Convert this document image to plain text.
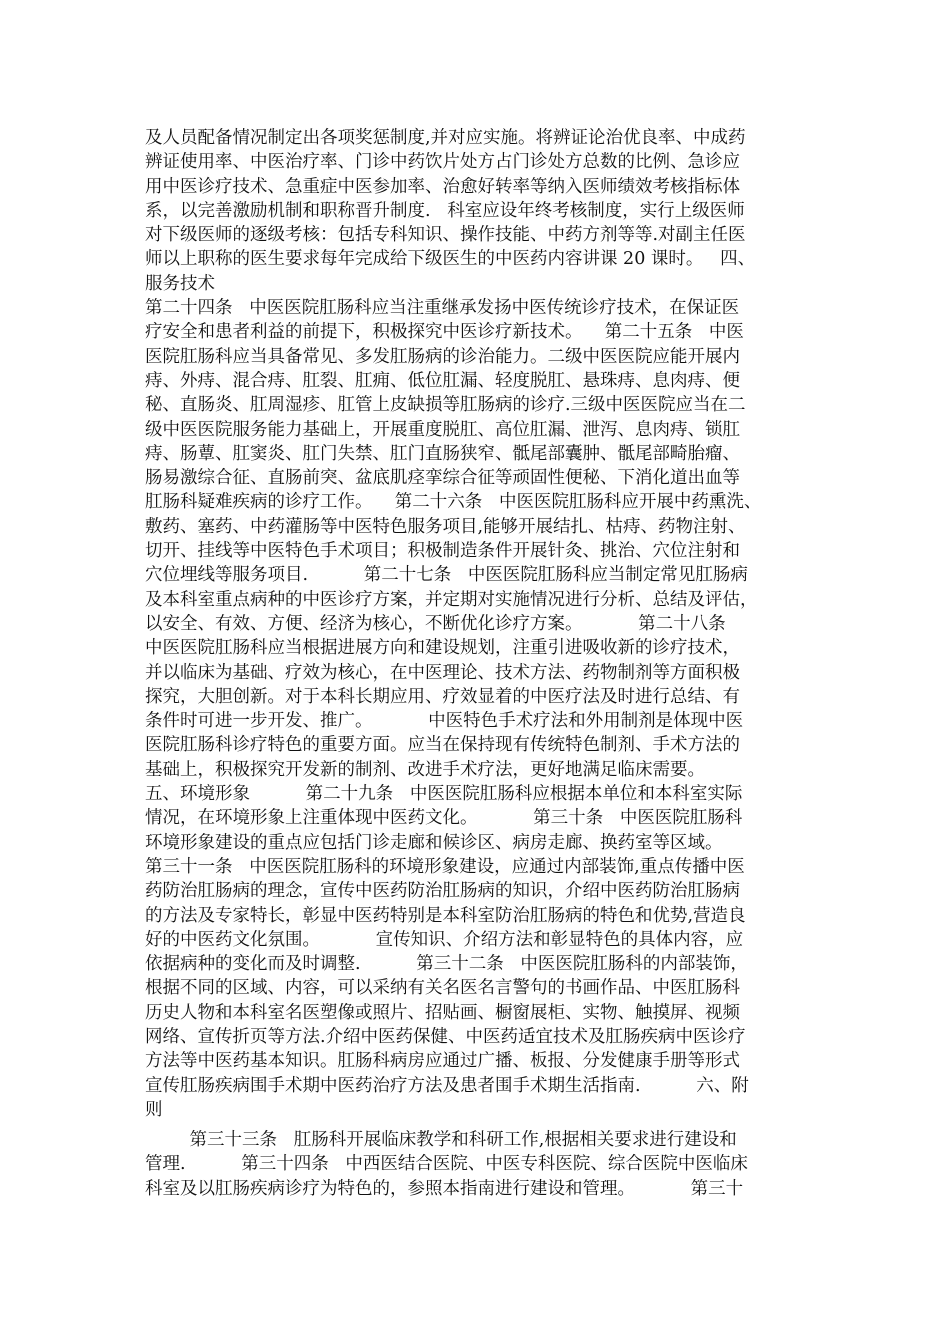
及人员配备情况制定出各项奖惩制度,并对应实施。将辨证论治优良率、中成药
辨证使用率、中医治疗率、门诊中药饮片处方占门诊处方总数的比例、急诊应
用中医诊疗技术、急重症中医参加率、治愈好转率等纳入医师绩效考核指标体
系，以完善激励机制和职称晋升制度.   科室应设年终考核制度，实行上级医师
对下级医师的逐级考核：包括专科知识、操作技能、中药方剂等等.对副主任医
师以上职称的医生要求每年完成给下级医生的中医药内容讲课 20 课时。   四、
服务技术
第二十四条   中医医院肛肠科应当注重继承发扬中医传统诊疗技术，在保证医
疗安全和患者利益的前提下，积极探究中医诊疗新技术。    第二十五条   中医
医院肛肠科应当具备常见、多发肛肠病的诊治能力。二级中医医院应能开展内
痔、外痔、混合痔、肛裂、肛痈、低位肛漏、轻度脱肛、悬珠痔、息肉痔、便
秘、直肠炎、肛周湿疹、肛管上皮缺损等肛肠病的诊疗.三级中医医院应当在二
级中医医院服务能力基础上，开展重度脱肛、高位肛漏、泄泻、息肉痔、锁肛
痔、肠蕈、肛窦炎、肛门失禁、肛门直肠狭窄、骶尾部囊肿、骶尾部畸胎瘤、
肠易激综合征、直肠前突、盆底肌痉挛综合征等顽固性便秘、下消化道出血等
肛肠科疑难疾病的诊疗工作。    第二十六条   中医医院肛肠科应开展中药熏洗、
敷药、塞药、中药灌肠等中医特色服务项目,能够开展结扎、枯痔、药物注射、
切开、挂线等中医特色手术项目；积极制造条件开展针灸、挑治、穴位注射和
穴位埋线等服务项目.          第二十七条   中医医院肛肠科应当制定常见肛肠病
及本科室重点病种的中医诊疗方案，并定期对实施情况进行分析、总结及评估，
以安全、有效、方便、经济为核心，不断优化诊疗方案。          第二十八条
中医医院肛肠科应当根据进展方向和建设规划，注重引进吸收新的诊疗技术，
并以临床为基础、疗效为核心，在中医理论、技术方法、药物制剂等方面积极
探究，大胆创新。对于本科长期应用、疗效显着的中医疗法及时进行总结、有
条件时可进一步开发、推广。          中医特色手术疗法和外用制剂是体现中医
医院肛肠科诊疗特色的重要方面。应当在保持现有传统特色制剂、手术方法的
基础上，积极探究开发新的制剂、改进手术疗法，更好地满足临床需要。
五、环境形象          第二十九条   中医医院肛肠科应根据本单位和本科室实际
情况，在环境形象上注重体现中医药文化。          第三十条   中医医院肛肠科
环境形象建设的重点应包括门诊走廊和候诊区、病房走廊、换药室等区域。
第三十一条   中医医院肛肠科的环境形象建设，应通过内部装饰,重点传播中医
药防治肛肠病的理念，宣传中医药防治肛肠病的知识，介绍中医药防治肛肠病
的方法及专家特长，彰显中医药特别是本科室防治肛肠病的特色和优势,营造良
好的中医药文化氛围。          宣传知识、介绍方法和彰显特色的具体内容，应
依据病种的变化而及时调整.          第三十二条   中医医院肛肠科的内部装饰，
根据不同的区域、内容，可以采纳有关名医名言警句的书画作品、中医肛肠科
历史人物和本科室名医塑像或照片、招贴画、橱窗展柜、实物、触摸屏、视频
网络、宣传折页等方法.介绍中医药保健、中医药适宜技术及肛肠疾病中医诊疗
方法等中医药基本知识。肛肠科病房应通过广播、板报、分发健康手册等形式
宣传肛肠疾病围手术期中医药治疗方法及患者围手术期生活指南.          六、附
则
第三十三条   肛肠科开展临床教学和科研工作,根据相关要求进行建设和
管理.          第三十四条   中西医结合医院、中医专科医院、综合医院中医临床
科室及以肛肠疾病诊疗为特色的，参照本指南进行建设和管理。          第三十
